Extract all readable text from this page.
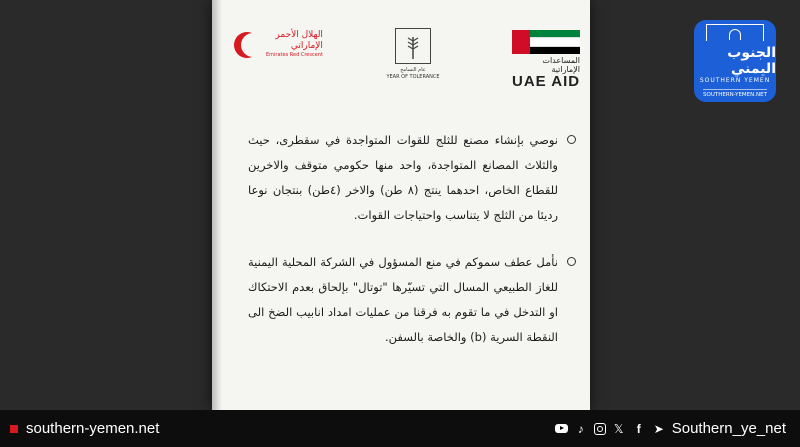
الهلال الأحمر
الإماراتي
Emirates Red Crescent
عام التسامح
YEAR OF TOLERANCE
المساعدات الإماراتية
UAE AID
نوصي بإنشاء مصنع للثلج للقوات المتواجدة في سقطرى، حيث والثلاث المصانع المتواجدة، واحد منها حكومي متوقف والاخرين للقطاع الخاص، احدهما ينتج (٨ طن) والاخر (٤طن) بنتجان نوعا رديئا من الثلج لا يتناسب واحتياجات القوات.
نأمل عطف سموكم في منع المسؤول في الشركة المحلية اليمنية للغاز الطبيعي المسال التي تسيّرها "توتال" بإلحاق بعدم الاحتكاك او التدخل في ما تقوم به فرقنا من عمليات امداد انابيب الضخ الى النقطة السرية (b) والخاصة بالسفن.
الجنوب اليمني
SOUTHERN YEMEN
SOUTHERN-YEMEN.NET
southern-yemen.net	♪	𝕏	f	➤ Southern_ye_net
